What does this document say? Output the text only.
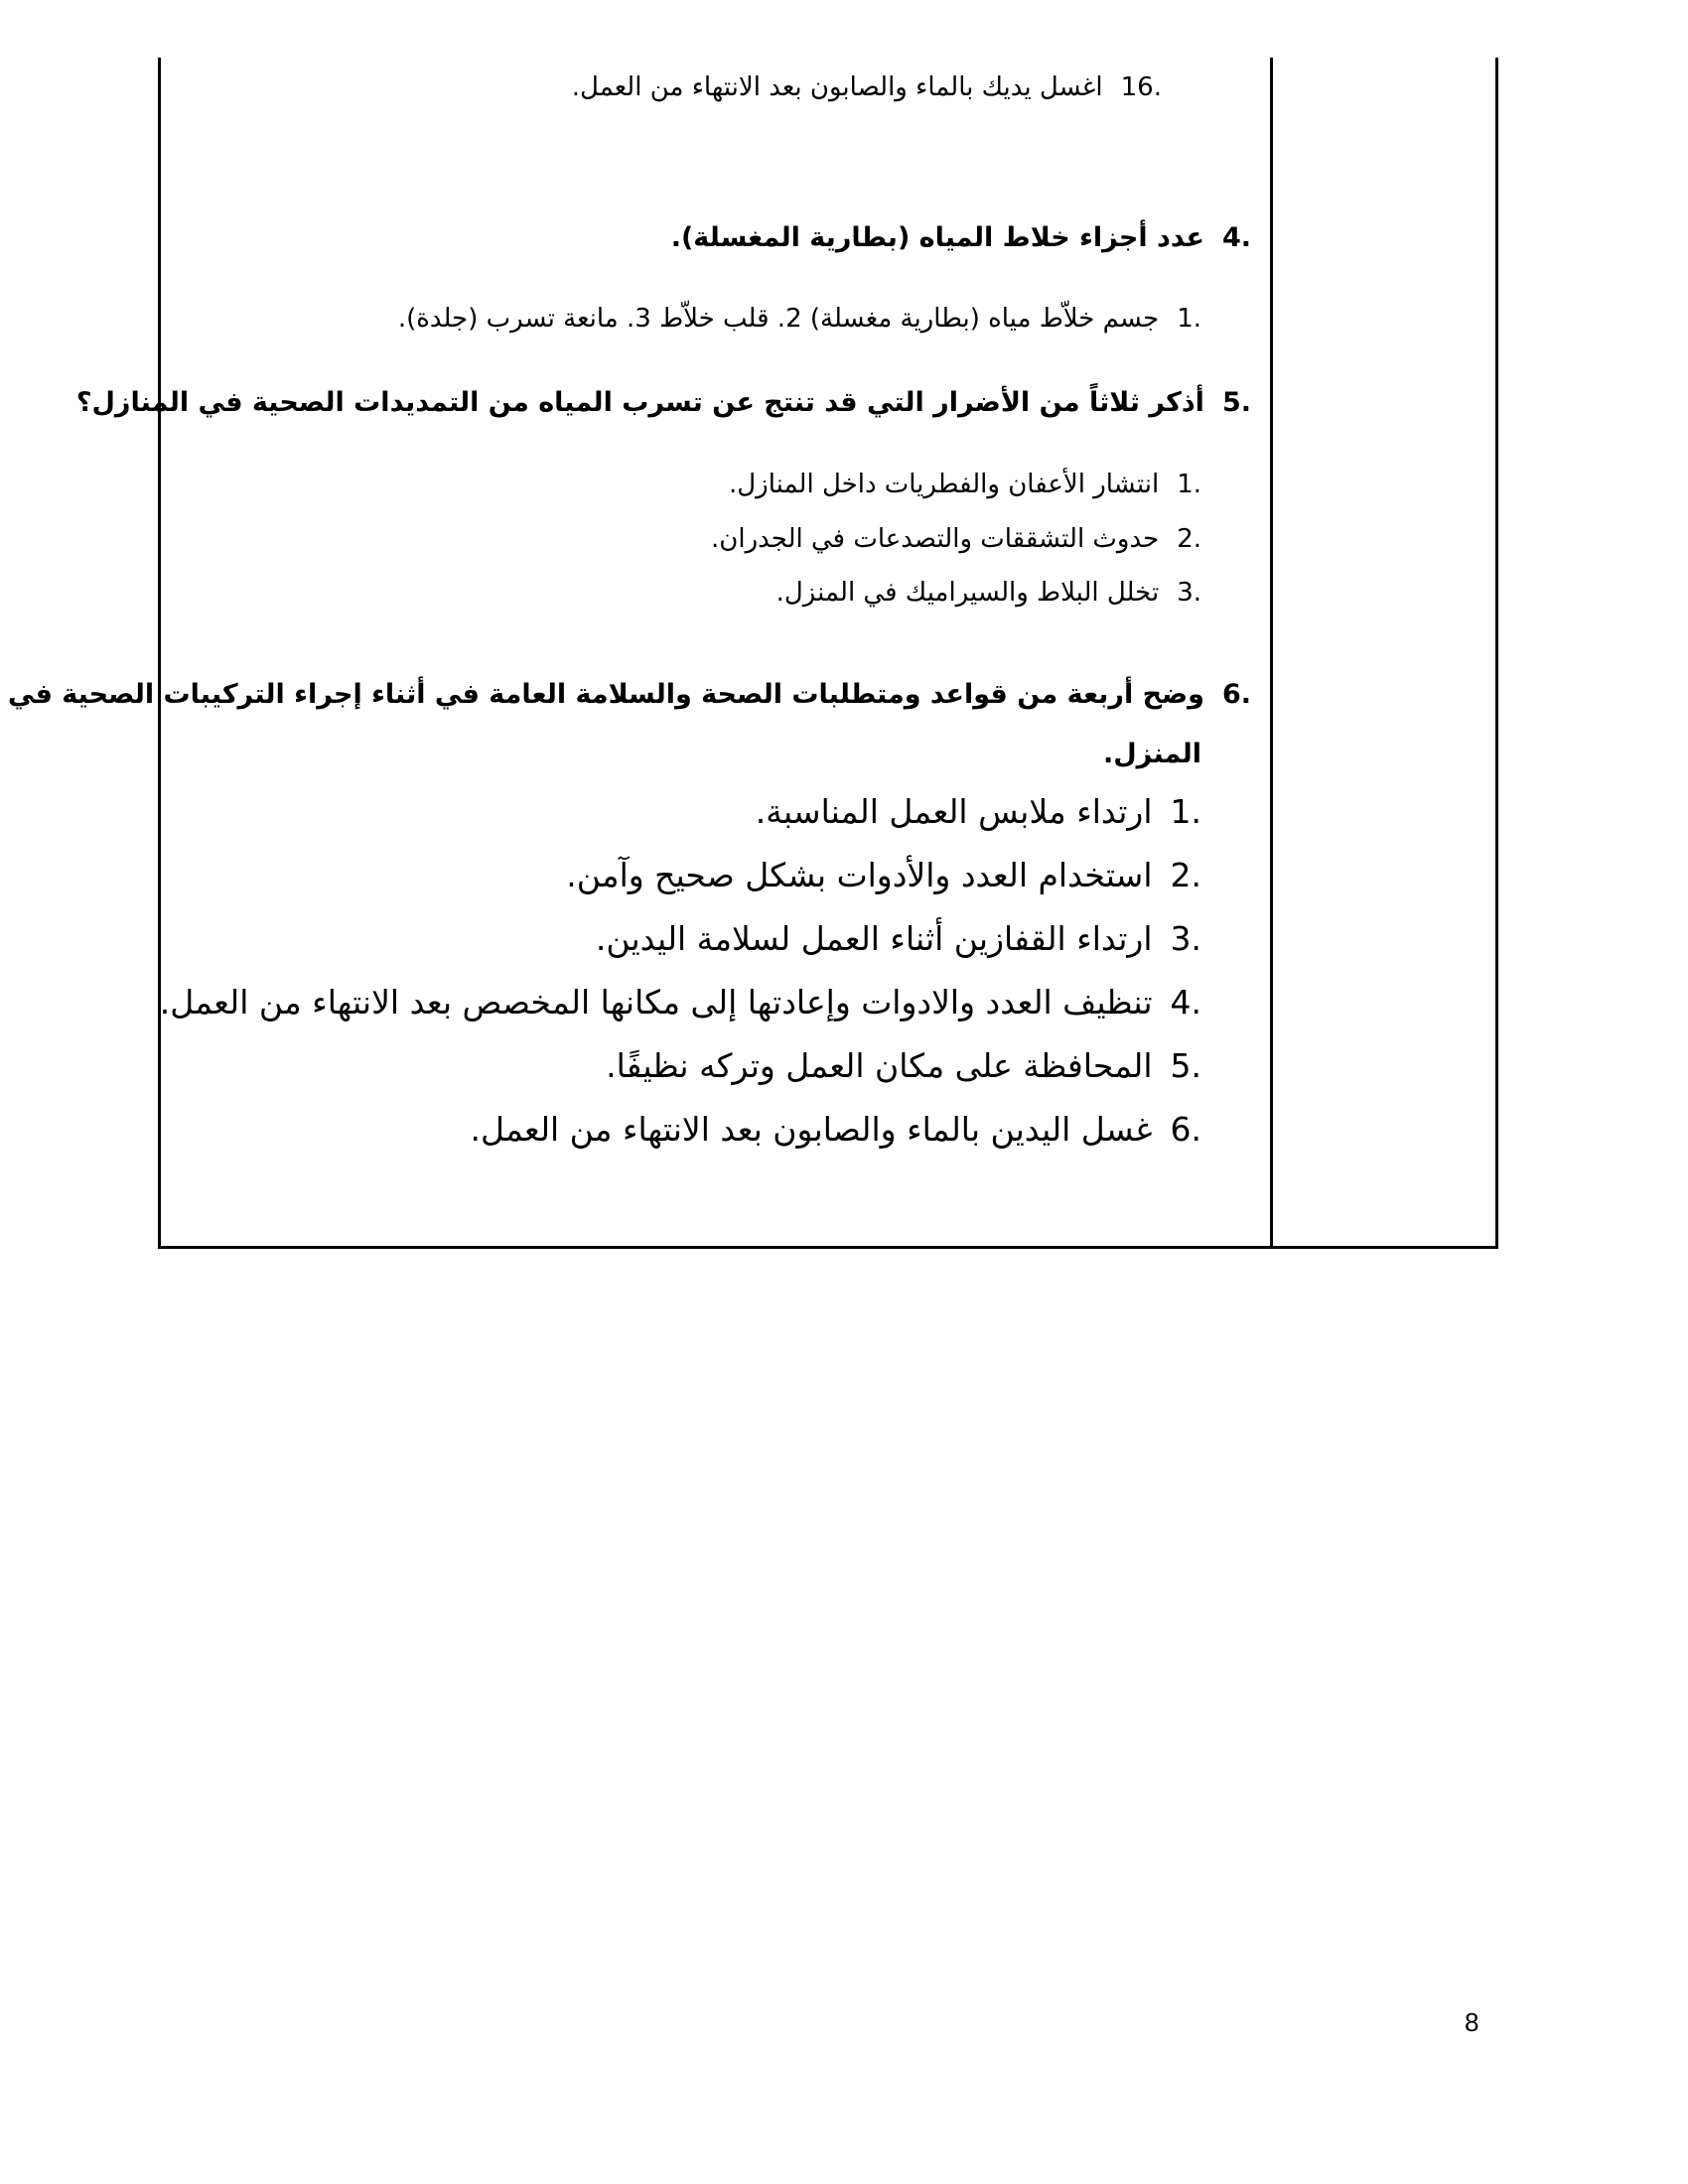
.16اغسل يديك بالماء والصابون بعد الانتهاء من العمل.
.4عدد أجزاء خلاط المياه (بطارية المغسلة).
.1جسم خلاّط مياه (بطارية مغسلة) 2. قلب خلاّط 3. مانعة تسرب (جلدة).
.5أذكر ثلاثاً من الأضرار التي قد تنتج عن تسرب المياه من التمديدات الصحية في المنازل؟
.1انتشار الأعفان والفطريات داخل المنازل.
.2حدوث التشققات والتصدعات في الجدران.
.3تخلل البلاط والسيراميك في المنزل.
.6وضح أربعة من قواعد ومتطلبات الصحة والسلامة العامة في أثناء إجراء التركيبات الصحية في
المنزل.
.1ارتداء ملابس العمل المناسبة.
.2استخدام العدد والأدوات بشكل صحيح وآمن.
.3ارتداء القفازين أثناء العمل لسلامة اليدين.
.4تنظيف العدد والادوات وإعادتها إلى مكانها المخصص بعد الانتهاء من العمل.
.5المحافظة على مكان العمل وتركه نظيفًا.
.6غسل اليدين بالماء والصابون بعد الانتهاء من العمل.
8
